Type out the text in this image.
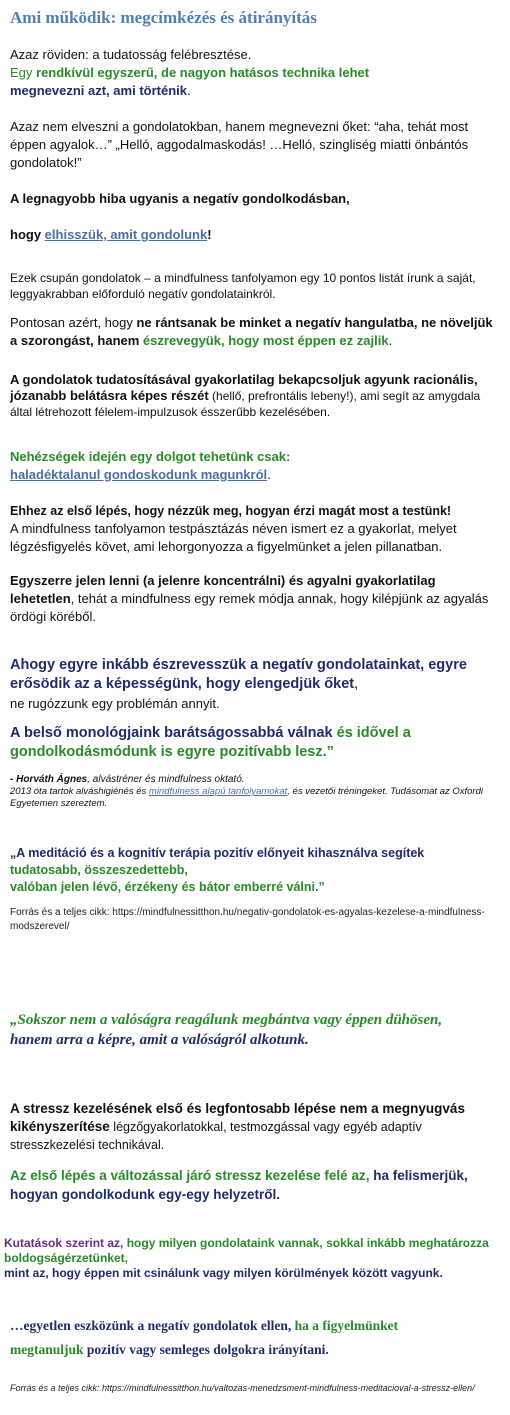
Ami működik: megcímkézés és átirányítás

Azaz röviden: a tudatosság felébresztése.

Egy rendkívül egyszerű, de nagyon hatásos technika lehet

megnevezni azt, ami történik.

Azaz nem elveszni a gondolatokban, hanem megnevezni őket: “aha, tehát most éppen agyalok…” „Helló, aggodalmaskodás! …Helló, szingliség miatti önbántós gondolatok!”

A legnagyobb hiba ugyanis a negatív gondolkodásban,

hogy elhisszük, amit gondolunk!

Ezek csupán gondolatok – a mindfulness tanfolyamon egy 10 pontos listát írunk a saját, leggyakrabban előforduló negatív gondolatainkról.
Pontosan azért, hogy ne rántsanak be minket a negatív hangulatba, ne növeljük a szorongást, hanem észrevegyük, hogy most éppen ez zajlik.
A gondolatok tudatosításával gyakorlatilag bekapcsoljuk agyunk racionális, józanabb belátásra képes részét (hellő, prefrontális lebeny!), ami segít az amygdala által létrehozott félelem-impulzusok ésszerűbb kezelésében.

Nehézségek idején egy dolgot tehetünk csak:

haladéktalanul gondoskodunk magunkról.

Ehhez az első lépés, hogy nézzük meg, hogyan érzi magát most a testünk!

A mindfulness tanfolyamon testpásztázás néven ismert ez a gyakorlat, melyet légzésfigyelés követ, ami lehorgonyozza a figyelmünket a jelen pillanatban.

Egyszerre jelen lenni (a jelenre koncentrálni) és agyalni gyakorlatilag lehetetlen, tehát a mindfulness egy remek módja annak, hogy kilépjünk az agyalás ördögi köréből.

Ahogy egyre inkább észrevesszük a negatív gondolatainkat, egyre erősödik az a képességünk, hogy elengedjük őket,

ne rugózzunk egy problémán annyit.

A belső monológjaink barátságossabbá válnak és idővel a gondolkodásmódunk is egyre pozitívabb lesz.”

- Horváth Ágnes, alvástréner és mindfulness oktató.

2013 óta tartok alváshigiénés és mindfulness alapú tanfolyamokat, és vezetői tréningeket. Tudásomat az Oxfordi Egyetemen szereztem.

„A meditáció és a kognitív terápia pozitív előnyeit kihasználva segítek tudatosabb, összeszedettebb,
valóban jelen lévő, érzékeny és bátor emberré válni.”
Forrás és a teljes cikk: https://mindfulnessitthon.hu/negativ-gondolatok-es-agyalas-kezelese-a-mindfulness-modszerevel/

„Sokszor nem a valóságra reagálunk megbántva vagy éppen dühösen,

hanem arra a képre, amit a valóságról alkotunk.

A stressz kezelésének első és legfontosabb lépése nem a megnyugvás kikényszerítése légzőgyakorlatokkal, testmozgással vagy egyéb adaptív stresszkezelési technikával.
Az első lépés a változással járó stressz kezelése felé az, ha felismerjük, hogyan gondolkodunk egy-egy helyzetről.
Kutatások szerint az, hogy milyen gondolataink vannak, sokkal inkább meghatározza boldogságérzetünket,
mint az, hogy éppen mit csinálunk vagy milyen körülmények között vagyunk.
…egyetlen eszközünk a negatív gondolatok ellen, ha a figyelmünket
megtanuljuk pozitív vagy semleges dolgokra irányítani.
Forrás és a teljes cikk: https://mindfulnessitthon.hu/valtozas-menedzsment-mindfulness-meditacioval-a-stressz-ellen/
